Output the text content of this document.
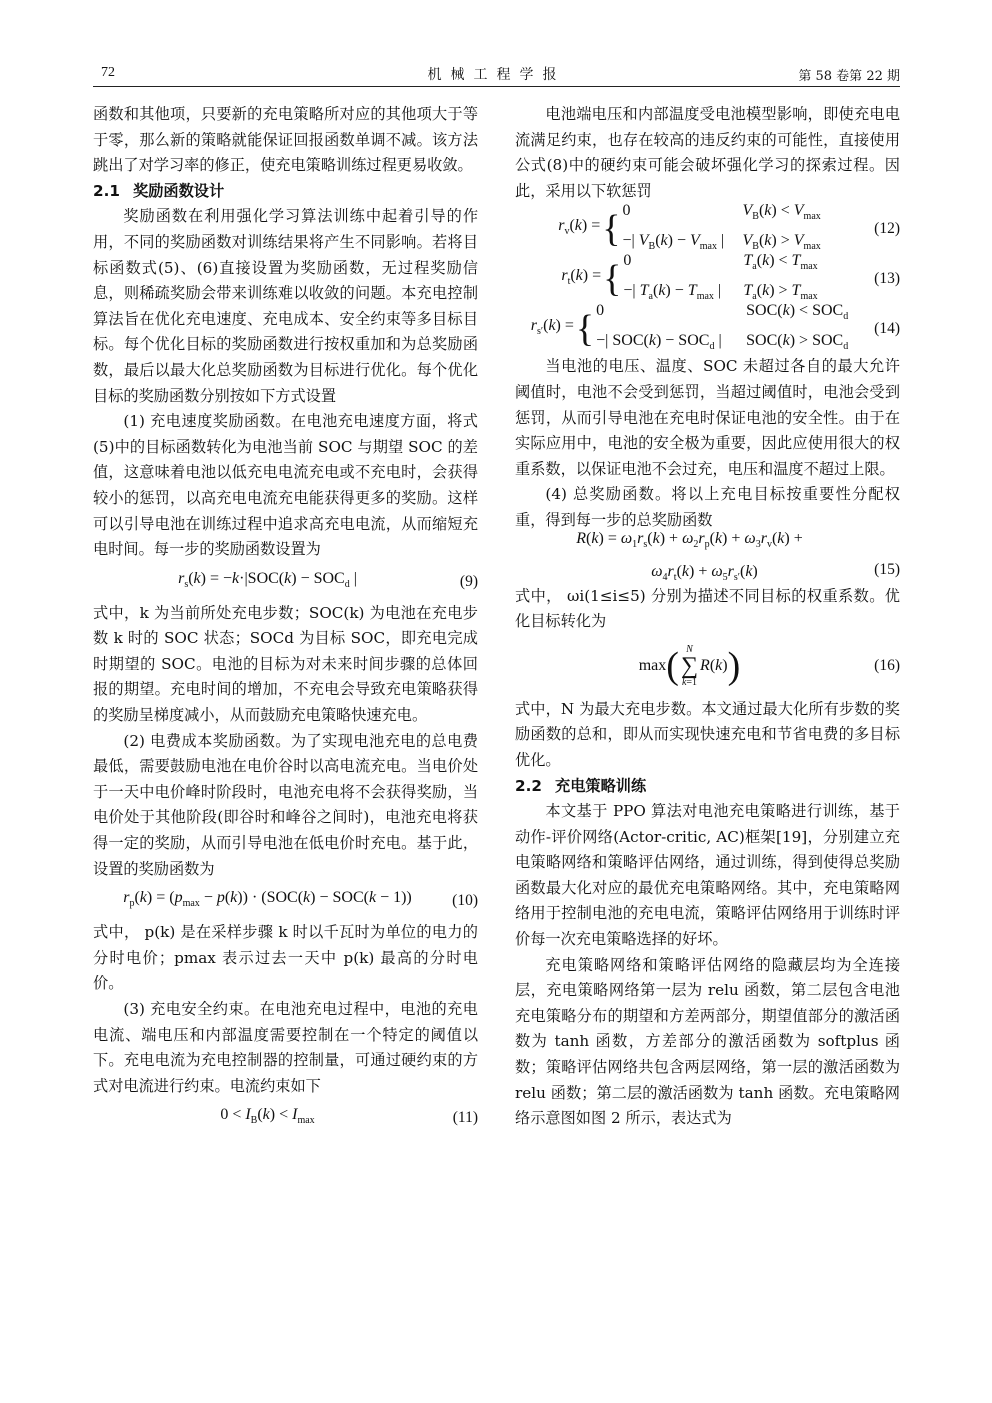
72	机械工程学报	第 58 卷第 22 期

函数和其他项，只要新的充电策略所对应的其他项大于等于零，那么新的策略就能保证回报函数单调不减。该方法跳出了对学习率的修正，使充电策略训练过程更易收敛。

2.1 奖励函数设计

奖励函数在利用强化学习算法训练中起着引导的作用，不同的奖励函数对训练结果将产生不同影响。若将目标函数式(5)、(6)直接设置为奖励函数，无过程奖励信息，则稀疏奖励会带来训练难以收敛的问题。本充电控制算法旨在优化充电速度、充电成本、安全约束等多目标目标。每个优化目标的奖励函数进行按权重加和为总奖励函数，最后以最大化总奖励函数为目标进行优化。每个优化目标的奖励函数分别按如下方式设置

(1) 充电速度奖励函数。在电池充电速度方面，将式(5)中的目标函数转化为电池当前 SOC 与期望 SOC 的差值，这意味着电池以低充电电流充电或不充电时，会获得较小的惩罚，以高充电电流充电能获得更多的奖励。这样可以引导电池在训练过程中追求高充电电流，从而缩短充电时间。每一步的奖励函数设置为

$r_s(k) = -k\cdot|SOC(k) - SOC_d$ |	(9)

式中，k 为当前所处充电步数；SOC(k) 为电池在充电步数 k 时的 SOC 状态；SOCd 为目标 SOC，即充电完成时期望的 SOC。电池的目标为对未来时间步骤的总体回报的期望。充电时间的增加，不充电会导致充电策略获得的奖励呈梯度减小，从而鼓励充电策略快速充电。

(2) 电费成本奖励函数。为了实现电池充电的总电费最低，需要鼓励电池在电价谷时以高电流充电。当电价处于一天中电价峰时阶段时，电池充电将不会获得奖励，当电价处于其他阶段(即谷时和峰谷之间时)，电池充电将获得一定的奖励，从而引导电池在低电价时充电。基于此，设置的奖励函数为

$r_p(k) = (p_{max} - p(k)) \cdot (SOC(k) - SOC(k - 1))$	(10)

式中， p(k) 是在采样步骤 k 时以千瓦时为单位的电力的分时电价；pmax 表示过去一天中 p(k) 最高的分时电价。

(3) 充电安全约束。在电池充电过程中，电池的充电电流、端电压和内部温度需要控制在一个特定的阈值以下。充电电流为充电控制器的控制量，可通过硬约束的方式对电流进行约束。电流约束如下

$0 < I_B(k) < I_{max}$	(11)

电池端电压和内部温度受电池模型影响，即使充电电流满足约束，也存在较高的违反约束的可能性，直接使用公式(8)中的硬约束可能会破坏强化学习的探索过程。因此，采用以下软惩罚

$r_v(k)$ = { 0	$V_B(k) < V_{max}$
−| $V_B(k) - V_{max}$ |	$V_B(k) > V_{max}$
(12)
$r_t(k)$ = { 0	$T_a(k) < T_{max}$
−| $T_a(k) - T_{max}$ |	$T_a(k) > T_{max}$
(13)
$r_{s'}(k)$ = { 0	$SOC(k) < SOC_d$
−| $SOC(k) - SOC_d$ |	$SOC(k) > SOC_d$
(14)

当电池的电压、温度、SOC 未超过各自的最大允许阈值时，电池不会受到惩罚，当超过阈值时，电池会受到惩罚，从而引导电池在充电时保证电池的安全性。由于在实际应用中，电池的安全极为重要，因此应使用很大的权重系数，以保证电池不会过充，电压和温度不超过上限。

(4) 总奖励函数。将以上充电目标按重要性分配权重，得到每一步的总奖励函数

$R(k) = \omega_1r_s(k) + \omega_2r_p(k) + \omega_3r_v(k)$ +
$\omega_4r_t(k) + \omega_5r_{s'}(k)$	(15)

式中， ωi(1≤i≤5) 分别为描述不同目标的权重系数。优化目标转化为

max ( N
∑
k=1
R(k) )	(16)

式中，N 为最大充电步数。本文通过最大化所有步数的奖励函数的总和，即从而实现快速充电和节省电费的多目标优化。

2.2 充电策略训练

本文基于 PPO 算法对电池充电策略进行训练，基于动作-评价网络(Actor-critic, AC)框架[19]，分别建立充电策略网络和策略评估网络，通过训练，得到使得总奖励函数最大化对应的最优充电策略网络。其中，充电策略网络用于控制电池的充电电流，策略评估网络用于训练时评价每一次充电策略选择的好坏。

充电策略网络和策略评估网络的隐藏层均为全连接层，充电策略网络第一层为 relu 函数，第二层包含电池充电策略分布的期望和方差两部分，期望值部分的激活函数为 tanh 函数，方差部分的激活函数为 softplus 函数；策略评估网络共包含两层网络，第一层的激活函数为 relu 函数；第二层的激活函数为 tanh 函数。充电策略网络示意图如图 2 所示，表达式为
